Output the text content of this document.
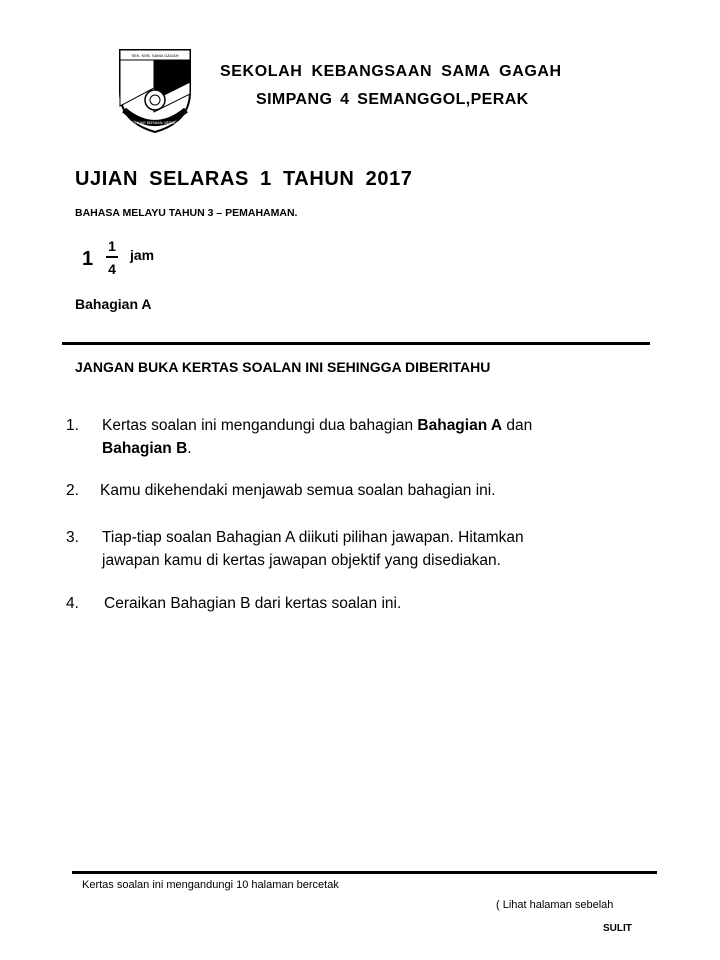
SEK. KEB. SAMA GAGAH
BELAJAR BERAMAL BERJAYA
SEKOLAH KEBANGSAAN SAMA GAGAH
SIMPANG 4 SEMANGGOL,PERAK
UJIAN SELARAS 1 TAHUN 2017
BAHASA MELAYU TAHUN 3 – PEMAHAMAN.
1
1
4
jam
Bahagian A
JANGAN BUKA KERTAS SOALAN INI SEHINGGA DIBERITAHU
1. Kertas soalan ini mengandungi dua bahagian Bahagian A dan
Bahagian B.
2. Kamu dikehendaki menjawab semua soalan bahagian ini.
3. Tiap-tiap soalan Bahagian A diikuti pilihan jawapan. Hitamkan
jawapan kamu di kertas jawapan objektif yang disediakan.
4. Ceraikan Bahagian B dari kertas soalan ini.
Kertas soalan ini mengandungi 10 halaman bercetak
( Lihat halaman sebelah
SULIT
